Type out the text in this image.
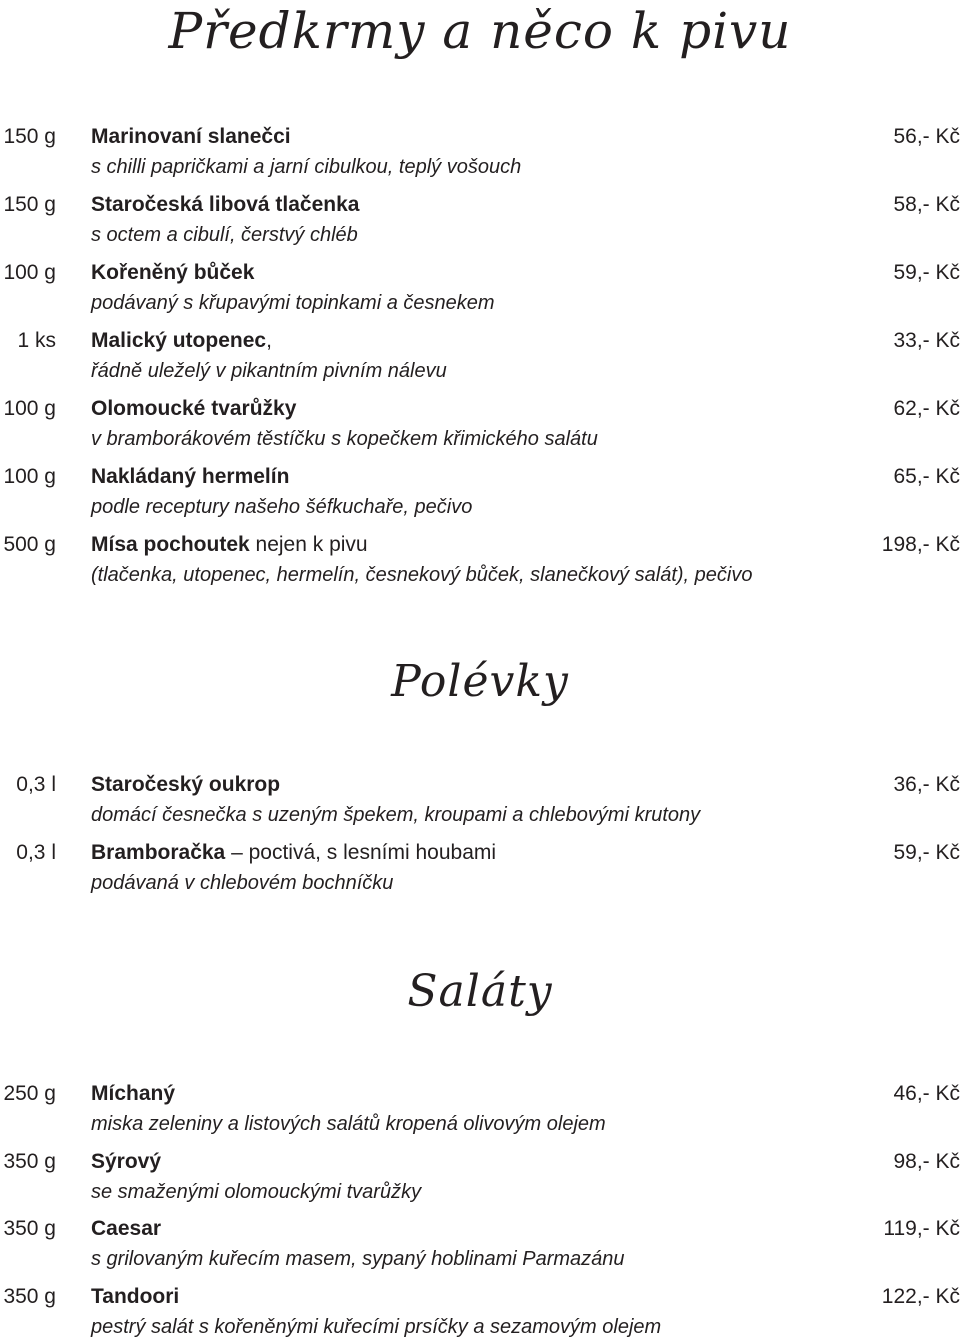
Předkrmy a něco k pivu
150 g Marinovaní slanečci
s chilli papričkami a jarní cibulkou, teplý vošouch
56,- Kč
150 g Staročeská libová tlačenka
s octem a cibulí, čerstvý chléb
58,- Kč
100 g Kořeněný bůček
podávaný s křupavými topinkami a česnekem
59,- Kč
1 ks Malický utopenec,
řádně uleželý v pikantním pivním nálevu
33,- Kč
100 g Olomoucké tvarůžky
v bramborákovém těstíčku s kopečkem křimického salátu
62,- Kč
100 g Nakládaný hermelín
podle receptury našeho šéfkuchaře, pečivo
65,- Kč
500 g Mísa pochoutek nejen k pivu
(tlačenka, utopenec, hermelín, česnekový bůček, slanečkový salát), pečivo
198,- Kč
Polévky
0,3 l Staročeský oukrop
domácí česnečka s uzeným špekem, kroupami a chlebovými krutony
36,- Kč
0,3 l Bramboračka – poctivá, s lesními houbami
podávaná v chlebovém bochníčku
59,- Kč
Saláty
250 g Míchaný
miska zeleniny a listových salátů kropená olivovým olejem
46,- Kč
350 g Sýrový
se smaženými olomouckými tvarůžky
98,- Kč
350 g Caesar
s grilovaným kuřecím masem, sypaný hoblinami Parmazánu
119,- Kč
350 g Tandoori
pestrý salát s kořeněnými kuřecími prsíčky a sezamovým olejem
122,- Kč
